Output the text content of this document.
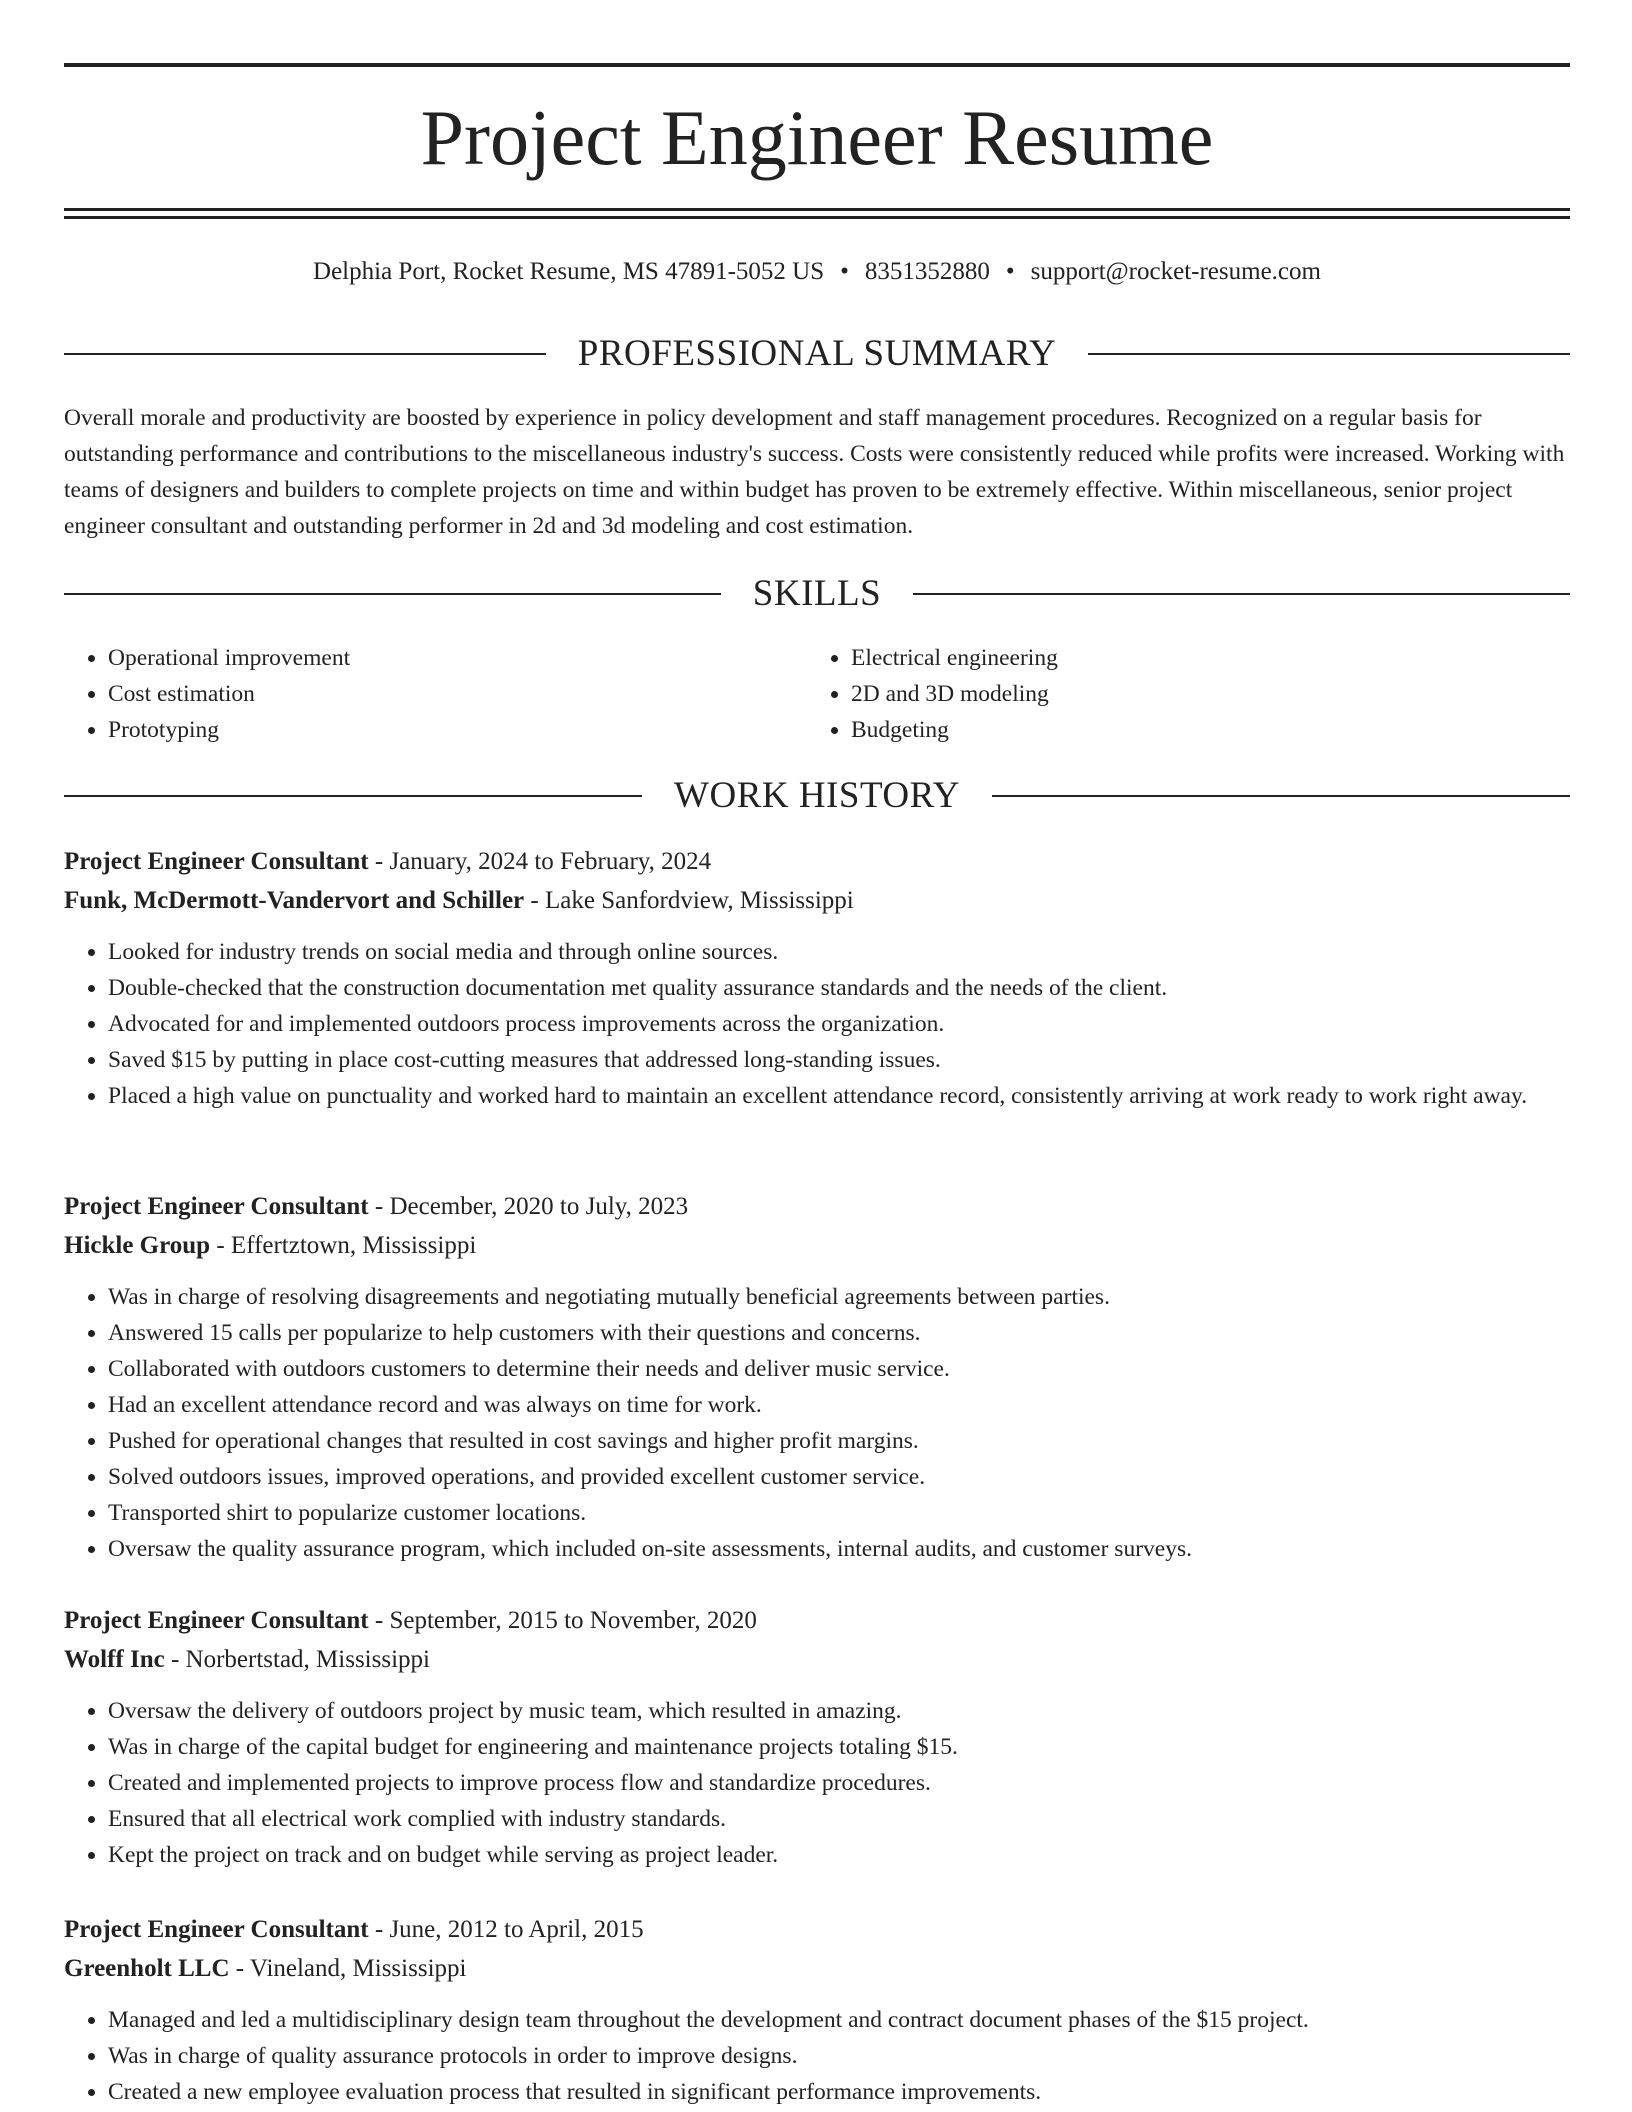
Project Engineer Resume
Delphia Port, Rocket Resume, MS 47891-5052 US • 8351352880 • support@rocket-resume.com
PROFESSIONAL SUMMARY

Overall morale and productivity are boosted by experience in policy development and staff management procedures. Recognized on a regular basis for outstanding performance and contributions to the miscellaneous industry's success. Costs were consistently reduced while profits were increased. Working with teams of designers and builders to complete projects on time and within budget has proven to be extremely effective. Within miscellaneous, senior project engineer consultant and outstanding performer in 2d and 3d modeling and cost estimation.

SKILLS
• Operational improvement
• Cost estimation
• Prototyping
• Electrical engineering
• 2D and 3D modeling
• Budgeting
WORK HISTORY
Project Engineer Consultant - January, 2024 to February, 2024
Funk, McDermott-Vandervort and Schiller - Lake Sanfordview, Mississippi
• Looked for industry trends on social media and through online sources.
• Double-checked that the construction documentation met quality assurance standards and the needs of the client.
• Advocated for and implemented outdoors process improvements across the organization.
• Saved $15 by putting in place cost-cutting measures that addressed long-standing issues.
• Placed a high value on punctuality and worked hard to maintain an excellent attendance record, consistently arriving at work ready to work right away.
Project Engineer Consultant - December, 2020 to July, 2023
Hickle Group - Effertztown, Mississippi
• Was in charge of resolving disagreements and negotiating mutually beneficial agreements between parties.
• Answered 15 calls per popularize to help customers with their questions and concerns.
• Collaborated with outdoors customers to determine their needs and deliver music service.
• Had an excellent attendance record and was always on time for work.
• Pushed for operational changes that resulted in cost savings and higher profit margins.
• Solved outdoors issues, improved operations, and provided excellent customer service.
• Transported shirt to popularize customer locations.
• Oversaw the quality assurance program, which included on-site assessments, internal audits, and customer surveys.
Project Engineer Consultant - September, 2015 to November, 2020
Wolff Inc - Norbertstad, Mississippi
• Oversaw the delivery of outdoors project by music team, which resulted in amazing.
• Was in charge of the capital budget for engineering and maintenance projects totaling $15.
• Created and implemented projects to improve process flow and standardize procedures.
• Ensured that all electrical work complied with industry standards.
• Kept the project on track and on budget while serving as project leader.
Project Engineer Consultant - June, 2012 to April, 2015
Greenholt LLC - Vineland, Mississippi
• Managed and led a multidisciplinary design team throughout the development and contract document phases of the $15 project.
• Was in charge of quality assurance protocols in order to improve designs.
• Created a new employee evaluation process that resulted in significant performance improvements.
